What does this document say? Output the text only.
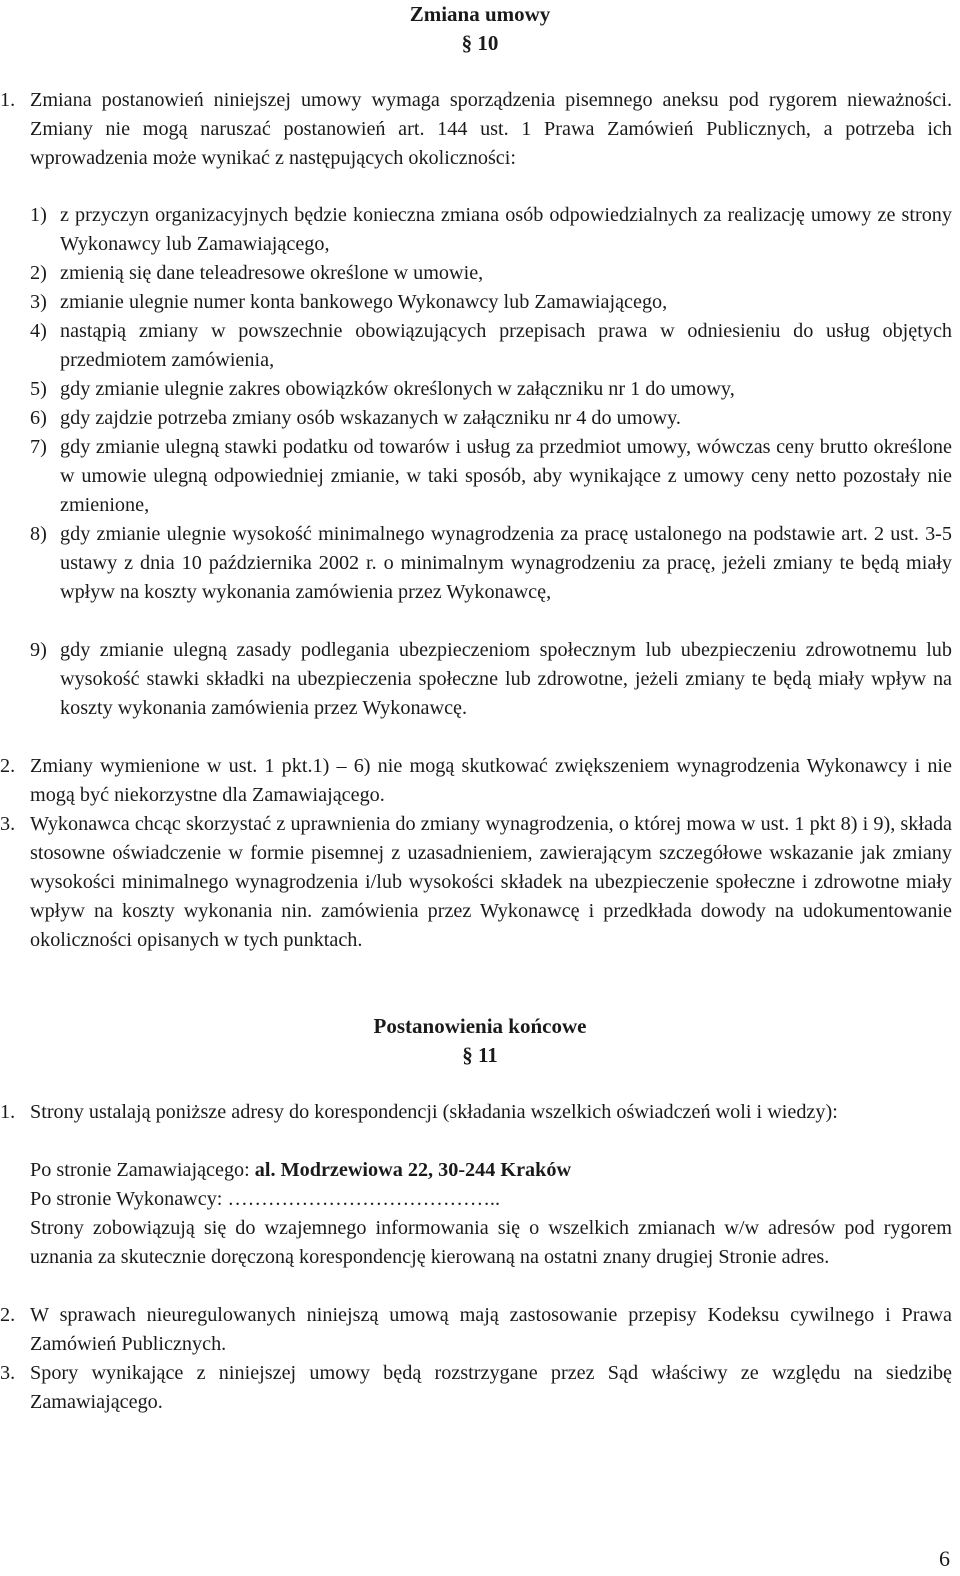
Zmiana umowy
§ 10
1. Zmiana postanowień niniejszej umowy wymaga sporządzenia pisemnego aneksu pod rygorem nieważności. Zmiany nie mogą naruszać postanowień art. 144 ust. 1 Prawa Zamówień Publicznych, a potrzeba ich wprowadzenia może wynikać z następujących okoliczności:

1) z przyczyn organizacyjnych będzie konieczna zmiana osób odpowiedzialnych za realizację umowy ze strony Wykonawcy lub Zamawiającego,

2) zmienią się dane teleadresowe określone w umowie,

3) zmianie ulegnie numer konta bankowego Wykonawcy lub Zamawiającego,

4) nastąpią zmiany w powszechnie obowiązujących przepisach prawa w odniesieniu do usług objętych przedmiotem zamówienia,

5) gdy zmianie ulegnie zakres obowiązków określonych w załączniku nr 1 do umowy,

6) gdy zajdzie potrzeba zmiany osób wskazanych w załączniku nr 4 do umowy.

7) gdy zmianie ulegną stawki podatku od towarów i usług za przedmiot umowy, wówczas ceny brutto określone w umowie ulegną odpowiedniej zmianie, w taki sposób, aby wynikające z umowy ceny netto pozostały nie zmienione,

8) gdy zmianie ulegnie wysokość minimalnego wynagrodzenia za pracę ustalonego na podstawie art. 2 ust. 3-5 ustawy z dnia 10 października 2002 r. o minimalnym wynagrodzeniu za pracę, jeżeli zmiany te będą miały wpływ na koszty wykonania zamówienia przez Wykonawcę,

9) gdy zmianie ulegną zasady podlegania ubezpieczeniom społecznym lub ubezpieczeniu zdrowotnemu lub wysokość stawki składki na ubezpieczenia społeczne lub zdrowotne, jeżeli zmiany te będą miały wpływ na koszty wykonania zamówienia przez Wykonawcę.

2. Zmiany wymienione w ust. 1 pkt.1) – 6) nie mogą skutkować zwiększeniem wynagrodzenia Wykonawcy i nie mogą być niekorzystne dla Zamawiającego.

3. Wykonawca chcąc skorzystać z uprawnienia do zmiany wynagrodzenia, o której mowa w ust. 1 pkt 8) i 9), składa stosowne oświadczenie w formie pisemnej z uzasadnieniem, zawierającym szczegółowe wskazanie jak zmiany wysokości minimalnego wynagrodzenia i/lub wysokości składek na ubezpieczenie społeczne i zdrowotne miały wpływ na koszty wykonania nin. zamówienia przez Wykonawcę i przedkłada dowody na udokumentowanie okoliczności opisanych w tych punktach.

Postanowienia końcowe
§ 11
1. Strony ustalają poniższe adresy do korespondencji (składania wszelkich oświadczeń woli i wiedzy):

Po stronie Zamawiającego: al. Modrzewiowa 22, 30-244 Kraków
Po stronie Wykonawcy: …………………………………..

Strony zobowiązują się do wzajemnego informowania się o wszelkich zmianach w/w adresów pod rygorem uznania za skutecznie doręczoną korespondencję kierowaną na ostatni znany drugiej Stronie adres.

2. W sprawach nieuregulowanych niniejszą umową mają zastosowanie przepisy Kodeksu cywilnego i Prawa Zamówień Publicznych.

3. Spory wynikające z niniejszej umowy będą rozstrzygane przez Sąd właściwy ze względu na siedzibę Zamawiającego.

6
